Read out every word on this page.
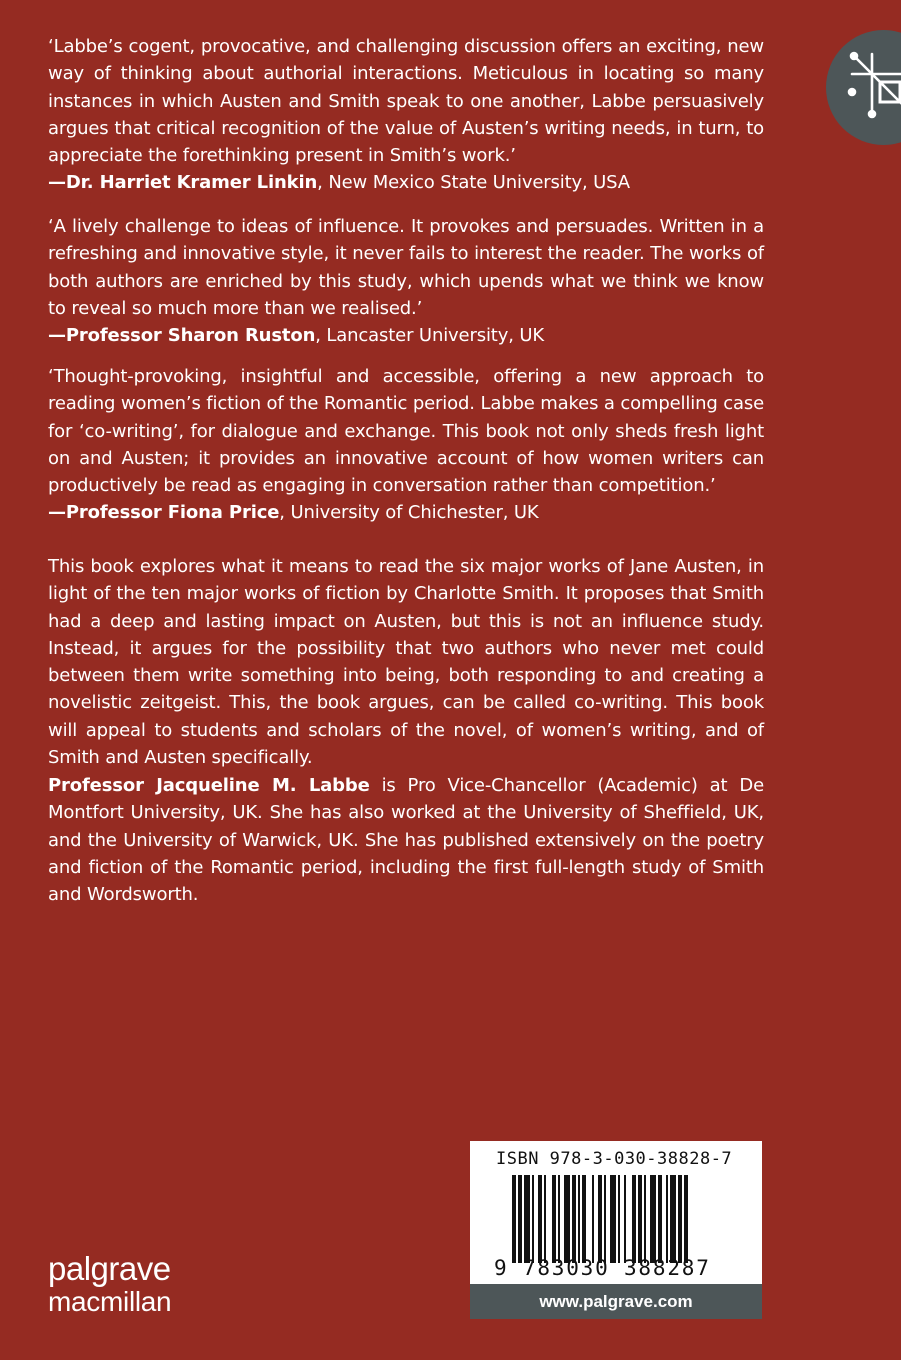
‘Labbe’s cogent, provocative, and challenging discussion offers an exciting, new way of thinking about authorial interactions. Meticulous in locating so many instances in which Austen and Smith speak to one another, Labbe persuasively argues that critical recognition of the value of Austen’s writing needs, in turn, to appreciate the forethinking present in Smith’s work.’

—Dr. Harriet Kramer Linkin, New Mexico State University, USA

‘A lively challenge to ideas of influence. It provokes and persuades. Written in a refreshing and innovative style, it never fails to interest the reader. The works of both authors are enriched by this study, which upends what we think we know to reveal so much more than we realised.’

—Professor Sharon Ruston, Lancaster University, UK

‘Thought-provoking, insightful and accessible, offering a new approach to reading women’s fiction of the Romantic period. Labbe makes a compelling case for ‘co-writing’, for dialogue and exchange. This book not only sheds fresh light on and Austen; it provides an innovative account of how women writers can productively be read as engaging in conversation rather than competition.’

—Professor Fiona Price, University of Chichester, UK

This book explores what it means to read the six major works of Jane Austen, in light of the ten major works of fiction by Charlotte Smith. It proposes that Smith had a deep and lasting impact on Austen, but this is not an influence study. Instead, it argues for the possibility that two authors who never met could between them write something into being, both responding to and creating a novelistic zeitgeist. This, the book argues, can be called co-writing. This book will appeal to students and scholars of the novel, of women’s writing, and of Smith and Austen specifically.

Professor Jacqueline M. Labbe is Pro Vice-Chancellor (Academic) at De Montfort University, UK. She has also worked at the University of Sheffield, UK, and the University of Warwick, UK. She has published extensively on the poetry and fiction of the Romantic period, including the first full-length study of Smith and Wordsworth.

ISBN 978-3-030-38828-7
9 783030 388287
www.palgrave.com
palgrave
macmillan
